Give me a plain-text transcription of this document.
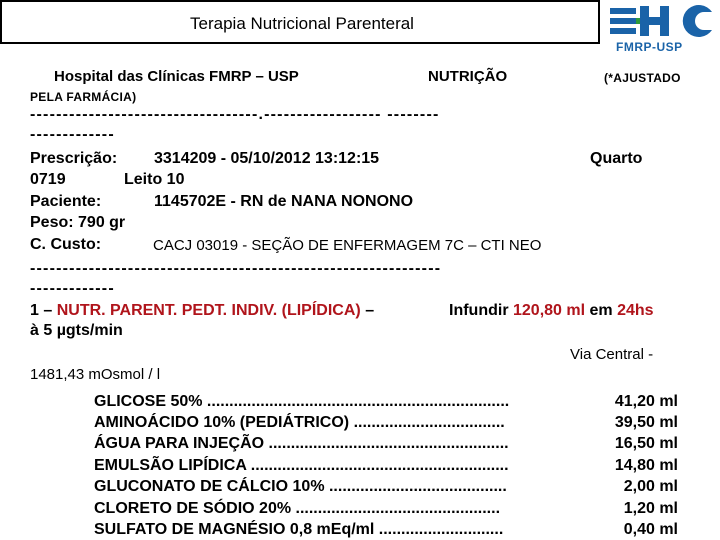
Terapia Nutricional Parenteral
FMRP-USP
Hospital das Clínicas FMRP – USP	NUTRIÇÃO	(*AJUSTADO
PELA FARMÁCIA)
-----------------------------------.------------------ --------
-------------
Prescrição: 3314209 - 05/10/2012 13:12:15	Quarto
0719	Leito 10
Paciente:	1145702E - RN de NANA NONONO
Peso: 790 gr
C. Custo:	CACJ 03019 - SEÇÃO DE ENFERMAGEM 7C – CTI NEO
---------------------------------------------------------------
-------------
1 – NUTR. PARENT. PEDT. INDIV. (LIPÍDICA) –	Infundir 120,80 ml em 24hs
à 5 µgts/min
Via Central -
1481,43 mOsmol / l
GLICOSE 50% ....................................................................	41,20 ml
AMINOÁCIDO 10% (PEDIÁTRICO) ..................................	39,50 ml
ÁGUA PARA INJEÇÃO ......................................................	16,50 ml
EMULSÃO LIPÍDICA ..........................................................	14,80 ml
GLUCONATO DE CÁLCIO 10% ........................................	2,00 ml
CLORETO DE SÓDIO 20% ..............................................	1,20 ml
SULFATO DE MAGNÉSIO 0,8 mEq/ml ............................	0,40 ml
